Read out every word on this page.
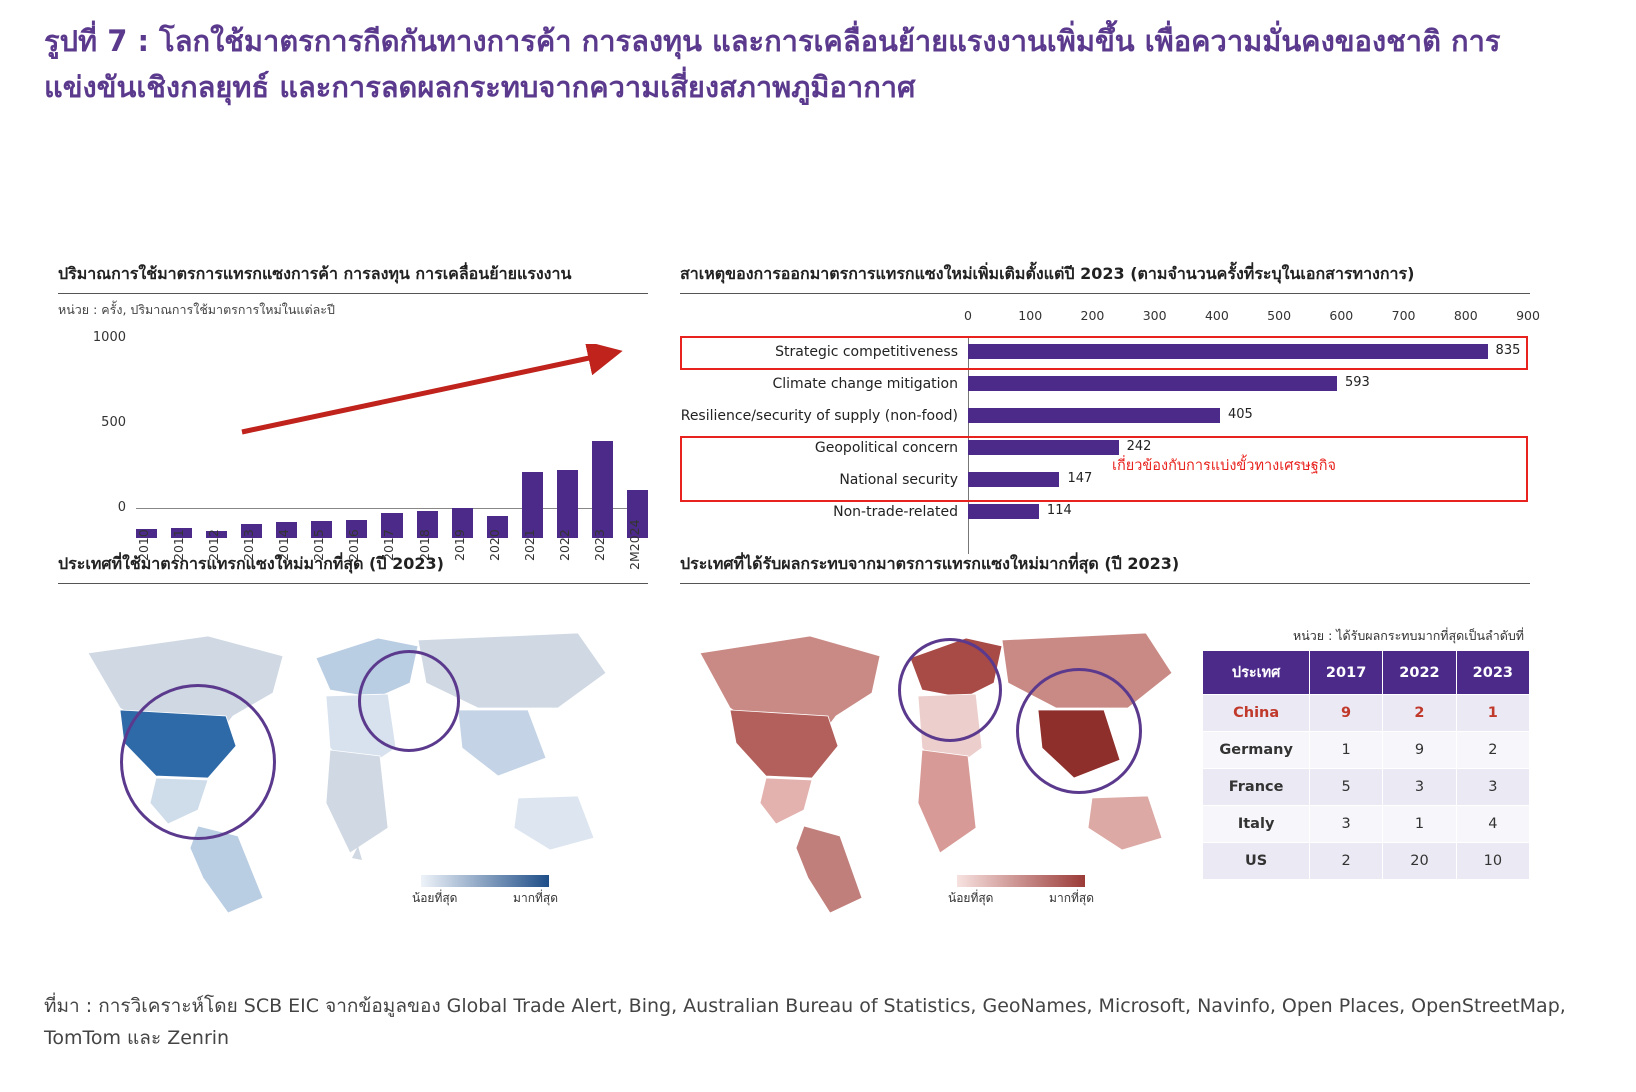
รูปที่ 7 : โลกใช้มาตรการกีดกันทางการค้า การลงทุน และการเคลื่อนย้ายแรงงานเพิ่มขึ้น เพื่อความมั่นคงของชาติ การแข่งขันเชิงกลยุทธ์ และการลดผลกระทบจากความเสี่ยงสภาพภูมิอากาศ
ปริมาณการใช้มาตรการแทรกแซงการค้า การลงทุน การเคลื่อนย้ายแรงงาน
หน่วย : ครั้ง, ปริมาณการใช้มาตรการใหม่ในแต่ละปี
1000
500
0
2010	2011	2012	2013	2014	2015	2016	2017	2018	2019	2020	2021	2022	2023	2M2024
สาเหตุของการออกมาตรการแทรกแซงใหม่เพิ่มเติมตั้งแต่ปี 2023 (ตามจำนวนครั้งที่ระบุในเอกสารทางการ)
0	100	200	300	400	500	600	700	800	900
Strategic competitiveness	835
Climate change mitigation	593
Resilience/security of supply (non-food)	405
Geopolitical concern	242
National security	147
Non-trade-related	114
เกี่ยวข้องกับการแบ่งขั้วทางเศรษฐกิจ
ประเทศที่ใช้มาตรการแทรกแซงใหม่มากที่สุด (ปี 2023)
น้อยที่สุด	มากที่สุด
ประเทศที่ได้รับผลกระทบจากมาตรการแทรกแซงใหม่มากที่สุด (ปี 2023)
น้อยที่สุด	มากที่สุด
หน่วย : ได้รับผลกระทบมากที่สุดเป็นลำดับที่
ประเทศ	2017	2022	2023
China	9	2	1
Germany	1	9	2
France	5	3	3
Italy	3	1	4
US	2	20	10
ที่มา : การวิเคราะห์โดย SCB EIC จากข้อมูลของ Global Trade Alert, Bing, Australian Bureau of Statistics, GeoNames, Microsoft, Navinfo, Open Places, OpenStreetMap, TomTom และ Zenrin
